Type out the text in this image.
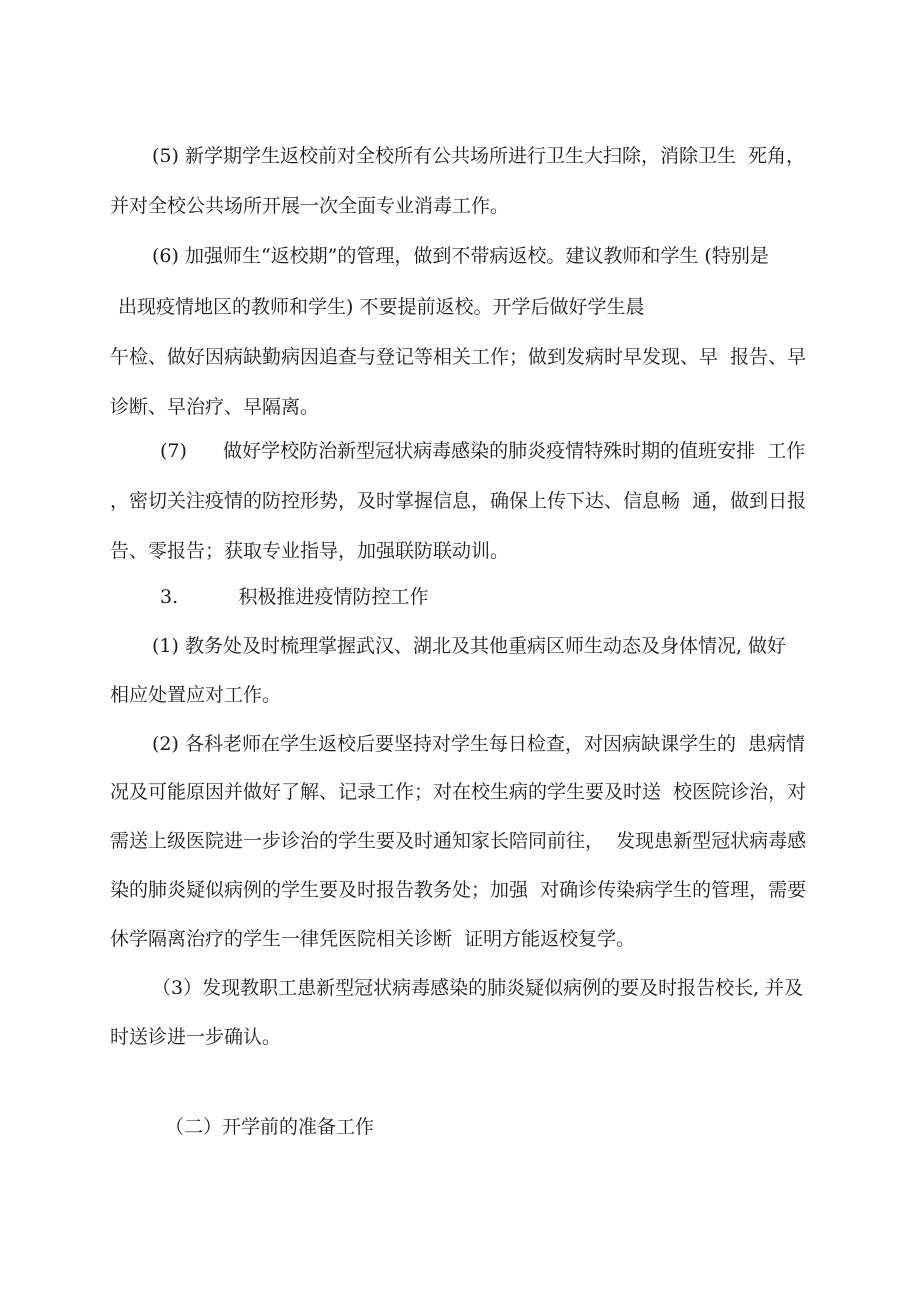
(5) 新学期学生返校前对全校所有公共场所进行卫生大扫除，消除卫生  死角，
并对全校公共场所开展一次全面专业消毒工作。
(6) 加强师生“返校期”的管理，做到不带病返校。建议教师和学生 (特别是
出现疫情地区的教师和学生) 不要提前返校。开学后做好学生晨
午检、做好因病缺勤病因追查与登记等相关工作；做到发病时早发现、早  报告、早
诊断、早治疗、早隔离。
(7)      做好学校防治新型冠状病毒感染的肺炎疫情特殊时期的值班安排  工作
，密切关注疫情的防控形势，及时掌握信息，确保上传下达、信息畅  通，做到日报
告、零报告；获取专业指导，加强联防联动训。
3.          积极推进疫情防控工作
(1) 教务处及时梳理掌握武汉、湖北及其他重病区师生动态及身体情况, 做好
相应处置应对工作。
(2) 各科老师在学生返校后要坚持对学生每日检查，对因病缺课学生的  患病情
况及可能原因并做好了解、记录工作；对在校生病的学生要及时送  校医院诊治，对
需送上级医院进一步诊治的学生要及时通知家长陪同前往，  发现患新型冠状病毒感
染的肺炎疑似病例的学生要及时报告教务处；加强  对确诊传染病学生的管理，需要
休学隔离治疗的学生一律凭医院相关诊断  证明方能返校复学。
（3）发现教职工患新型冠状病毒感染的肺炎疑似病例的要及时报告校长, 并及
时送诊进一步确认。
（二）开学前的准备工作
